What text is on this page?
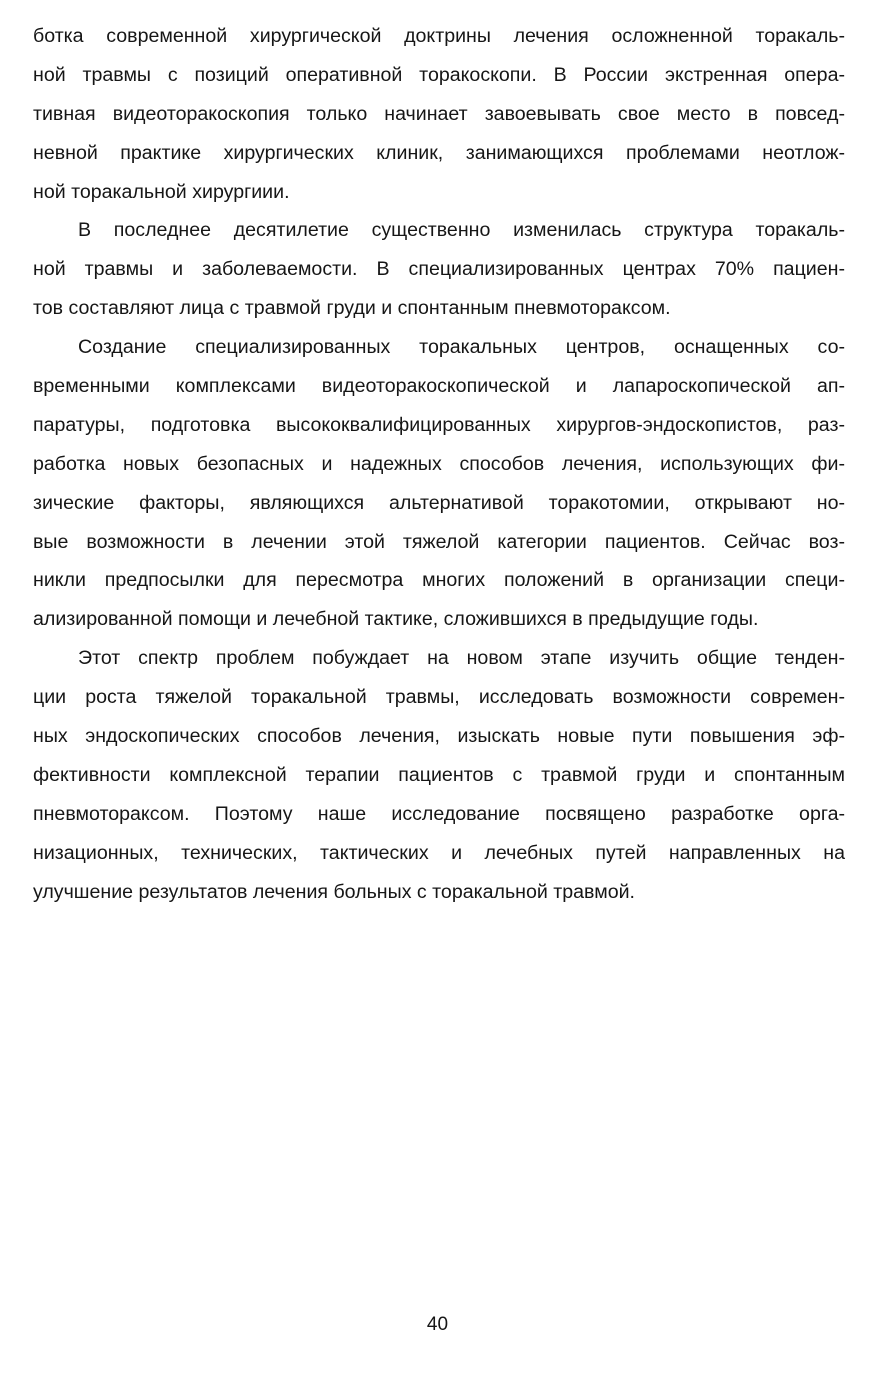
ботка современной хирургической доктрины лечения осложненной торакаль-
ной травмы с позиций оперативной торакоскопи. В России экстренная опера-
тивная видеоторакоскопия только начинает завоевывать свое место в повсед-
невной практике хирургических клиник, занимающихся проблемами неотлож-
ной торакальной хирургиии.
В последнее десятилетие существенно изменилась структура торакаль-
ной травмы и заболеваемости. В специализированных центрах 70% пациен-
тов составляют лица с травмой груди и спонтанным пневмотораксом.
Создание специализированных торакальных центров, оснащенных со-
временными комплексами видеоторакоскопической и лапароскопической ап-
паратуры, подготовка высококвалифицированных хирургов-эндоскопистов, раз-
работка новых безопасных и надежных способов лечения, использующих фи-
зические факторы, являющихся альтернативой торакотомии, открывают но-
вые возможности в лечении этой тяжелой категории пациентов. Сейчас воз-
никли предпосылки для пересмотра многих положений в организации специ-
ализированной помощи и лечебной тактике, сложившихся в предыдущие годы.
Этот спектр проблем побуждает на новом этапе изучить общие тенден-
ции роста тяжелой торакальной травмы, исследовать возможности современ-
ных эндоскопических способов лечения, изыскать новые пути повышения эф-
фективности комплексной терапии пациентов с травмой груди и спонтанным
пневмотораксом. Поэтому наше исследование посвящено разработке орга-
низационных, технических, тактических и лечебных путей направленных на
улучшение результатов лечения больных с торакальной травмой.
40
